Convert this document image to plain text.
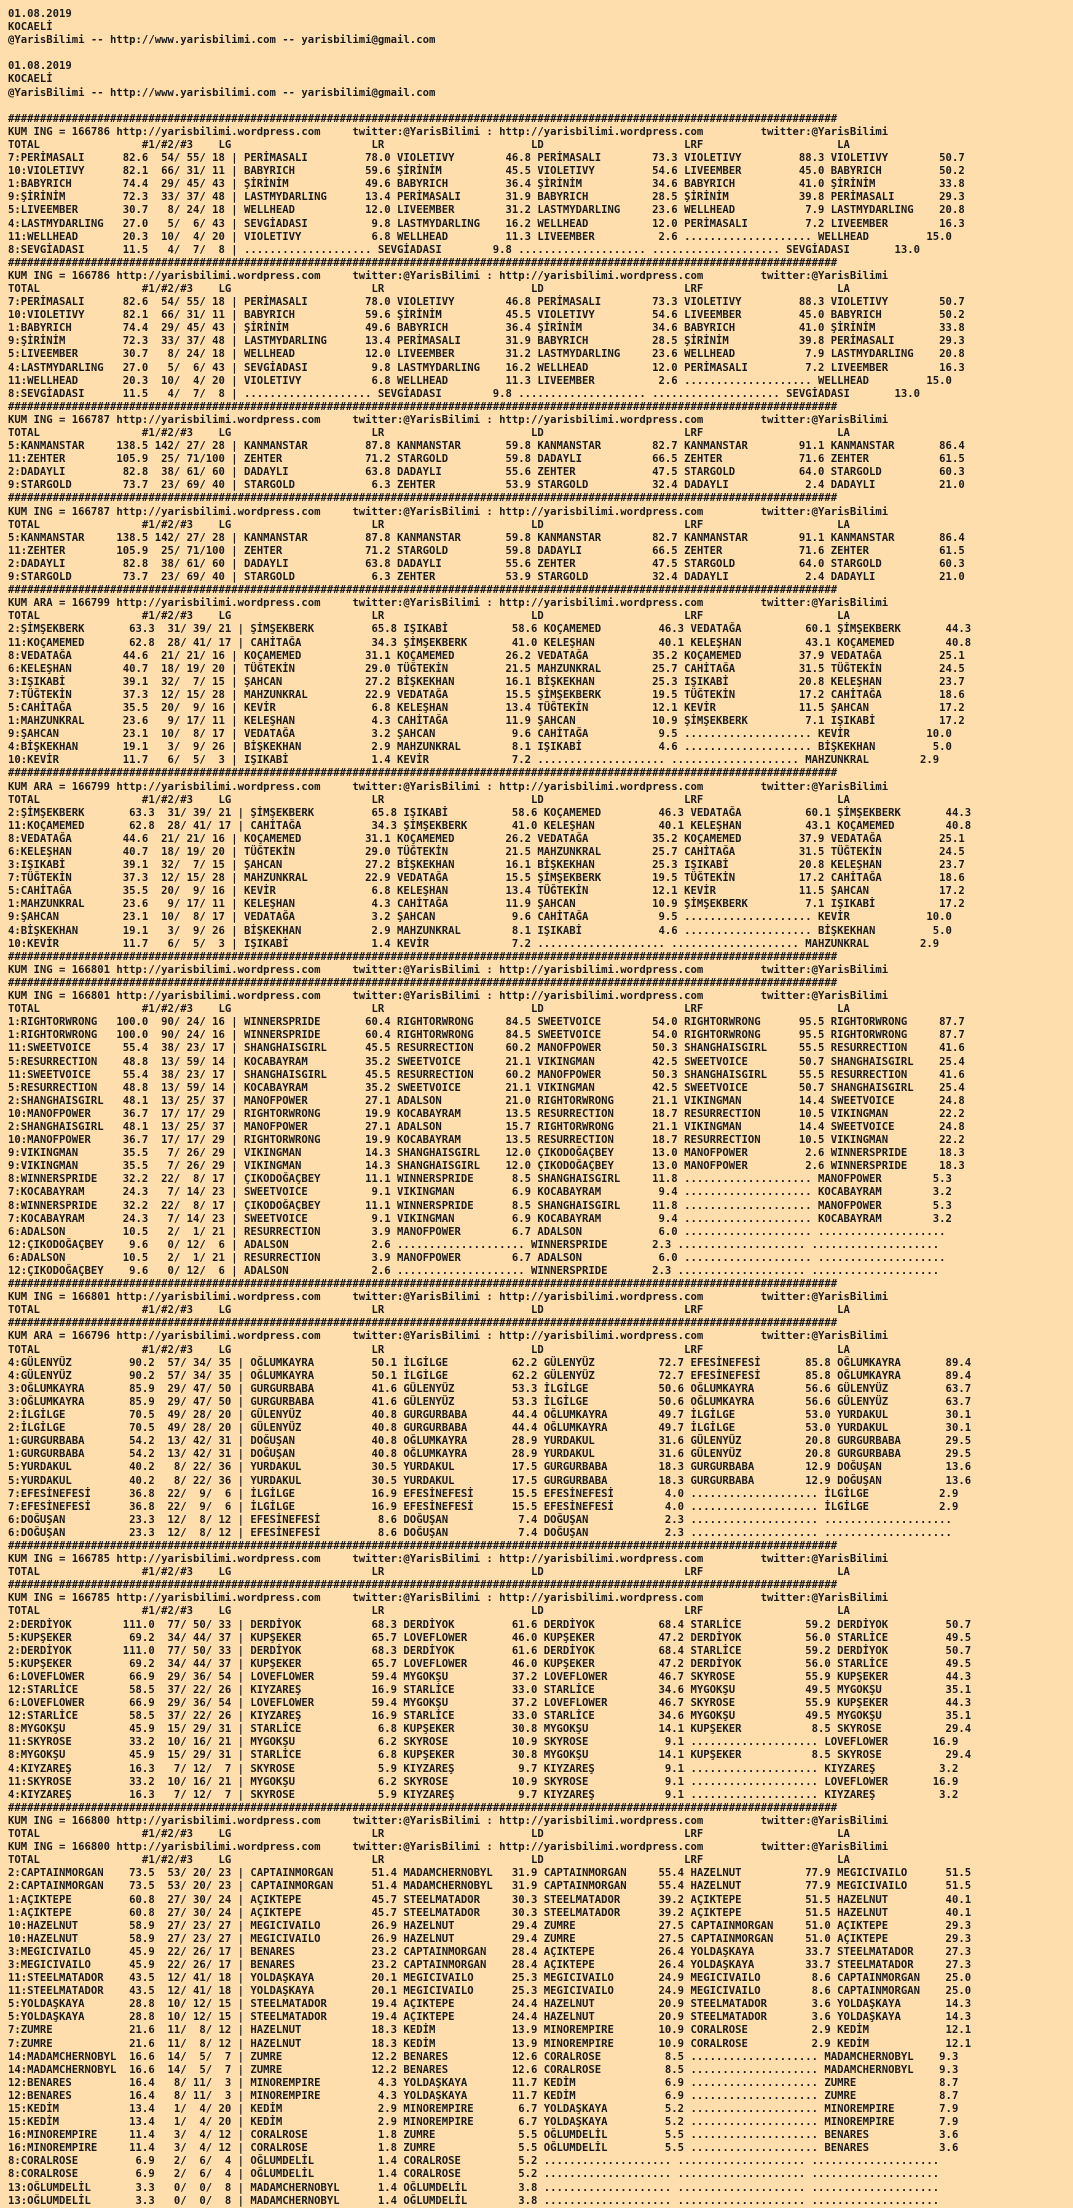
01.08.2019
KOCAELİ
@YarisBilimi -- http://www.yarisbilimi.com -- yarisbilimi@gmail.com
01.08.2019
KOCAELİ
@YarisBilimi -- http://www.yarisbilimi.com -- yarisbilimi@gmail.com
##################################################################################################################################
KUM ING = 166786 http://yarisbilimi.wordpress.com     twitter:@YarisBilimi : http://yarisbilimi.wordpress.com         twitter:@YarisBilimi
TOTAL                #1/#2/#3    LG                      LR                       LD                      LRF                     LA
7:PERİMASALI      82.6  54/ 55/ 18 | PERİMASALI         78.0 VIOLETIVY        46.8 PERİMASALI        73.3 VIOLETIVY         88.3 VIOLETIVY        50.7
10:VIOLETIVY      82.1  66/ 31/ 11 | BABYRICH           59.6 ŞİRİNİM          45.5 VIOLETIVY         54.6 LIVEEMBER         45.0 BABYRICH         50.2
1:BABYRICH        74.4  29/ 45/ 43 | ŞİRİNİM            49.6 BABYRICH         36.4 ŞİRİNİM           34.6 BABYRICH          41.0 ŞİRİNİM          33.8
9:ŞİRİNİM         72.3  33/ 37/ 48 | LASTMYDARLING      13.4 PERİMASALI       31.9 BABYRICH          28.5 ŞİRİNİM           39.8 PERİMASALI       29.3
5:LIVEEMBER       30.7   8/ 24/ 18 | WELLHEAD           12.0 LIVEEMBER        31.2 LASTMYDARLING     23.6 WELLHEAD           7.9 LASTMYDARLING    20.8
4:LASTMYDARLING   27.0   5/  6/ 43 | SEVGİADASI          9.8 LASTMYDARLING    16.2 WELLHEAD          12.0 PERİMASALI         7.2 LIVEEMBER        16.3
11:WELLHEAD       20.3  10/  4/ 20 | VIOLETIVY           6.8 WELLHEAD         11.3 LIVEEMBER          2.6 .................... WELLHEAD         15.0
8:SEVGİADASI      11.5   4/  7/  8 | .................... SEVGİADASI        9.8 .................... .................... SEVGİADASI       13.0
##################################################################################################################################
KUM ING = 166786 http://yarisbilimi.wordpress.com     twitter:@YarisBilimi : http://yarisbilimi.wordpress.com         twitter:@YarisBilimi
TOTAL                #1/#2/#3    LG                      LR                       LD                      LRF                     LA
7:PERİMASALI      82.6  54/ 55/ 18 | PERİMASALI         78.0 VIOLETIVY        46.8 PERİMASALI        73.3 VIOLETIVY         88.3 VIOLETIVY        50.7
10:VIOLETIVY      82.1  66/ 31/ 11 | BABYRICH           59.6 ŞİRİNİM          45.5 VIOLETIVY         54.6 LIVEEMBER         45.0 BABYRICH         50.2
1:BABYRICH        74.4  29/ 45/ 43 | ŞİRİNİM            49.6 BABYRICH         36.4 ŞİRİNİM           34.6 BABYRICH          41.0 ŞİRİNİM          33.8
9:ŞİRİNİM         72.3  33/ 37/ 48 | LASTMYDARLING      13.4 PERİMASALI       31.9 BABYRICH          28.5 ŞİRİNİM           39.8 PERİMASALI       29.3
5:LIVEEMBER       30.7   8/ 24/ 18 | WELLHEAD           12.0 LIVEEMBER        31.2 LASTMYDARLING     23.6 WELLHEAD           7.9 LASTMYDARLING    20.8
4:LASTMYDARLING   27.0   5/  6/ 43 | SEVGİADASI          9.8 LASTMYDARLING    16.2 WELLHEAD          12.0 PERİMASALI         7.2 LIVEEMBER        16.3
11:WELLHEAD       20.3  10/  4/ 20 | VIOLETIVY           6.8 WELLHEAD         11.3 LIVEEMBER          2.6 .................... WELLHEAD         15.0
8:SEVGİADASI      11.5   4/  7/  8 | .................... SEVGİADASI        9.8 .................... .................... SEVGİADASI       13.0
##################################################################################################################################
KUM ING = 166787 http://yarisbilimi.wordpress.com     twitter:@YarisBilimi : http://yarisbilimi.wordpress.com         twitter:@YarisBilimi
TOTAL                #1/#2/#3    LG                      LR                       LD                      LRF                     LA
5:KANMANSTAR     138.5 142/ 27/ 28 | KANMANSTAR         87.8 KANMANSTAR       59.8 KANMANSTAR        82.7 KANMANSTAR        91.1 KANMANSTAR       86.4
11:ZEHTER        105.9  25/ 71/100 | ZEHTER             71.2 STARGOLD         59.8 DADAYLI           66.5 ZEHTER            71.6 ZEHTER           61.5
2:DADAYLI         82.8  38/ 61/ 60 | DADAYLI            63.8 DADAYLI          55.6 ZEHTER            47.5 STARGOLD          64.0 STARGOLD         60.3
9:STARGOLD        73.7  23/ 69/ 40 | STARGOLD            6.3 ZEHTER           53.9 STARGOLD          32.4 DADAYLI            2.4 DADAYLI          21.0
##################################################################################################################################
KUM ING = 166787 http://yarisbilimi.wordpress.com     twitter:@YarisBilimi : http://yarisbilimi.wordpress.com         twitter:@YarisBilimi
TOTAL                #1/#2/#3    LG                      LR                       LD                      LRF                     LA
5:KANMANSTAR     138.5 142/ 27/ 28 | KANMANSTAR         87.8 KANMANSTAR       59.8 KANMANSTAR        82.7 KANMANSTAR        91.1 KANMANSTAR       86.4
11:ZEHTER        105.9  25/ 71/100 | ZEHTER             71.2 STARGOLD         59.8 DADAYLI           66.5 ZEHTER            71.6 ZEHTER           61.5
2:DADAYLI         82.8  38/ 61/ 60 | DADAYLI            63.8 DADAYLI          55.6 ZEHTER            47.5 STARGOLD          64.0 STARGOLD         60.3
9:STARGOLD        73.7  23/ 69/ 40 | STARGOLD            6.3 ZEHTER           53.9 STARGOLD          32.4 DADAYLI            2.4 DADAYLI          21.0
##################################################################################################################################
KUM ARA = 166799 http://yarisbilimi.wordpress.com     twitter:@YarisBilimi : http://yarisbilimi.wordpress.com         twitter:@YarisBilimi
TOTAL                #1/#2/#3    LG                      LR                       LD                      LRF                     LA
2:ŞİMŞEKBERK       63.3  31/ 39/ 21 | ŞİMŞEKBERK         65.8 IŞIKABİ          58.6 KOÇAMEMED         46.3 VEDATAĞA          60.1 ŞİMŞEKBERK       44.3
11:KOÇAMEMED       62.8  28/ 41/ 17 | CAHİTAĞA           34.3 ŞİMŞEKBERK       41.0 KELEŞHAN          40.1 KELEŞHAN          43.1 KOÇAMEMED        40.8
8:VEDATAĞA        44.6  21/ 21/ 16 | KOÇAMEMED          31.1 KOÇAMEMED        26.2 VEDATAĞA          35.2 KOÇAMEMED         37.9 VEDATAĞA         25.1
6:KELEŞHAN        40.7  18/ 19/ 20 | TÜĞTEKİN           29.0 TÜĞTEKİN         21.5 MAHZUNKRAL        25.7 CAHİTAĞA          31.5 TÜĞTEKİN         24.5
3:IŞIKABİ         39.1  32/  7/ 15 | ŞAHCAN             27.2 BİŞKEKHAN        16.1 BİŞKEKHAN         25.3 IŞIKABİ           20.8 KELEŞHAN         23.7
7:TÜĞTEKİN        37.3  12/ 15/ 28 | MAHZUNKRAL         22.9 VEDATAĞA         15.5 ŞİMŞEKBERK        19.5 TÜĞTEKİN          17.2 CAHİTAĞA         18.6
5:CAHİTAĞA        35.5  20/  9/ 16 | KEVİR               6.8 KELEŞHAN         13.4 TÜĞTEKİN          12.1 KEVİR             11.5 ŞAHCAN           17.2
1:MAHZUNKRAL      23.6   9/ 17/ 11 | KELEŞHAN            4.3 CAHİTAĞA         11.9 ŞAHCAN            10.9 ŞİMŞEKBERK         7.1 IŞIKABİ          17.2
9:ŞAHCAN          23.1  10/  8/ 17 | VEDATAĞA            3.2 ŞAHCAN            9.6 CAHİTAĞA           9.5 .................... KEVİR            10.0
4:BİŞKEKHAN       19.1   3/  9/ 26 | BİŞKEKHAN           2.9 MAHZUNKRAL        8.1 IŞIKABİ            4.6 .................... BİŞKEKHAN         5.0
10:KEVİR          11.7   6/  5/  3 | IŞIKABİ             1.4 KEVİR             7.2 .................... .................... MAHZUNKRAL        2.9
##################################################################################################################################
KUM ARA = 166799 http://yarisbilimi.wordpress.com     twitter:@YarisBilimi : http://yarisbilimi.wordpress.com         twitter:@YarisBilimi
TOTAL                #1/#2/#3    LG                      LR                       LD                      LRF                     LA
2:ŞİMŞEKBERK       63.3  31/ 39/ 21 | ŞİMŞEKBERK         65.8 IŞIKABİ          58.6 KOÇAMEMED         46.3 VEDATAĞA          60.1 ŞİMŞEKBERK       44.3
11:KOÇAMEMED       62.8  28/ 41/ 17 | CAHİTAĞA           34.3 ŞİMŞEKBERK       41.0 KELEŞHAN          40.1 KELEŞHAN          43.1 KOÇAMEMED        40.8
8:VEDATAĞA        44.6  21/ 21/ 16 | KOÇAMEMED          31.1 KOÇAMEMED        26.2 VEDATAĞA          35.2 KOÇAMEMED         37.9 VEDATAĞA         25.1
6:KELEŞHAN        40.7  18/ 19/ 20 | TÜĞTEKİN           29.0 TÜĞTEKİN         21.5 MAHZUNKRAL        25.7 CAHİTAĞA          31.5 TÜĞTEKİN         24.5
3:IŞIKABİ         39.1  32/  7/ 15 | ŞAHCAN             27.2 BİŞKEKHAN        16.1 BİŞKEKHAN         25.3 IŞIKABİ           20.8 KELEŞHAN         23.7
7:TÜĞTEKİN        37.3  12/ 15/ 28 | MAHZUNKRAL         22.9 VEDATAĞA         15.5 ŞİMŞEKBERK        19.5 TÜĞTEKİN          17.2 CAHİTAĞA         18.6
5:CAHİTAĞA        35.5  20/  9/ 16 | KEVİR               6.8 KELEŞHAN         13.4 TÜĞTEKİN          12.1 KEVİR             11.5 ŞAHCAN           17.2
1:MAHZUNKRAL      23.6   9/ 17/ 11 | KELEŞHAN            4.3 CAHİTAĞA         11.9 ŞAHCAN            10.9 ŞİMŞEKBERK         7.1 IŞIKABİ          17.2
9:ŞAHCAN          23.1  10/  8/ 17 | VEDATAĞA            3.2 ŞAHCAN            9.6 CAHİTAĞA           9.5 .................... KEVİR            10.0
4:BİŞKEKHAN       19.1   3/  9/ 26 | BİŞKEKHAN           2.9 MAHZUNKRAL        8.1 IŞIKABİ            4.6 .................... BİŞKEKHAN         5.0
10:KEVİR          11.7   6/  5/  3 | IŞIKABİ             1.4 KEVİR             7.2 .................... .................... MAHZUNKRAL        2.9
##################################################################################################################################
KUM ING = 166801 http://yarisbilimi.wordpress.com     twitter:@YarisBilimi : http://yarisbilimi.wordpress.com         twitter:@YarisBilimi
##################################################################################################################################
KUM ING = 166801 http://yarisbilimi.wordpress.com     twitter:@YarisBilimi : http://yarisbilimi.wordpress.com         twitter:@YarisBilimi
TOTAL                #1/#2/#3    LG                      LR                       LD                      LRF                     LA
1:RIGHTORWRONG   100.0  90/ 24/ 16 | WINNERSPRIDE       60.4 RIGHTORWRONG     84.5 SWEETVOICE        54.0 RIGHTORWRONG      95.5 RIGHTORWRONG     87.7
1:RIGHTORWRONG   100.0  90/ 24/ 16 | WINNERSPRIDE       60.4 RIGHTORWRONG     84.5 SWEETVOICE        54.0 RIGHTORWRONG      95.5 RIGHTORWRONG     87.7
11:SWEETVOICE     55.4  38/ 23/ 17 | SHANGHAISGIRL      45.5 RESURRECTION     60.2 MANOFPOWER        50.3 SHANGHAISGIRL     55.5 RESURRECTION     41.6
5:RESURRECTION    48.8  13/ 59/ 14 | KOCABAYRAM         35.2 SWEETVOICE       21.1 VIKINGMAN         42.5 SWEETVOICE        50.7 SHANGHAISGIRL    25.4
11:SWEETVOICE     55.4  38/ 23/ 17 | SHANGHAISGIRL      45.5 RESURRECTION     60.2 MANOFPOWER        50.3 SHANGHAISGIRL     55.5 RESURRECTION     41.6
5:RESURRECTION    48.8  13/ 59/ 14 | KOCABAYRAM         35.2 SWEETVOICE       21.1 VIKINGMAN         42.5 SWEETVOICE        50.7 SHANGHAISGIRL    25.4
2:SHANGHAISGIRL   48.1  13/ 25/ 37 | MANOFPOWER         27.1 ADALSON          21.0 RIGHTORWRONG      21.1 VIKINGMAN         14.4 SWEETVOICE       24.8
10:MANOFPOWER     36.7  17/ 17/ 29 | RIGHTORWRONG       19.9 KOCABAYRAM       13.5 RESURRECTION      18.7 RESURRECTION      10.5 VIKINGMAN        22.2
2:SHANGHAISGIRL   48.1  13/ 25/ 37 | MANOFPOWER         27.1 ADALSON          15.7 RIGHTORWRONG      21.1 VIKINGMAN         14.4 SWEETVOICE       24.8
10:MANOFPOWER     36.7  17/ 17/ 29 | RIGHTORWRONG       19.9 KOCABAYRAM       13.5 RESURRECTION      18.7 RESURRECTION      10.5 VIKINGMAN        22.2
9:VIKINGMAN       35.5   7/ 26/ 29 | VIKINGMAN          14.3 SHANGHAISGIRL    12.0 ÇIKODOĞAÇBEY      13.0 MANOFPOWER         2.6 WINNERSPRIDE     18.3
9:VIKINGMAN       35.5   7/ 26/ 29 | VIKINGMAN          14.3 SHANGHAISGIRL    12.0 ÇIKODOĞAÇBEY      13.0 MANOFPOWER         2.6 WINNERSPRIDE     18.3
8:WINNERSPRIDE    32.2  22/  8/ 17 | ÇIKODOĞAÇBEY       11.1 WINNERSPRIDE      8.5 SHANGHAISGIRL     11.8 .................... MANOFPOWER        5.3
7:KOCABAYRAM      24.3   7/ 14/ 23 | SWEETVOICE          9.1 VIKINGMAN         6.9 KOCABAYRAM         9.4 .................... KOCABAYRAM        3.2
8:WINNERSPRIDE    32.2  22/  8/ 17 | ÇIKODOĞAÇBEY       11.1 WINNERSPRIDE      8.5 SHANGHAISGIRL     11.8 .................... MANOFPOWER        5.3
7:KOCABAYRAM      24.3   7/ 14/ 23 | SWEETVOICE          9.1 VIKINGMAN         6.9 KOCABAYRAM         9.4 .................... KOCABAYRAM        3.2
6:ADALSON         10.5   2/  1/ 21 | RESURRECTION        3.9 MANOFPOWER        6.7 ADALSON            6.0 .................... ....................
12:ÇIKODOĞAÇBEY    9.6   0/ 12/  6 | ADALSON             2.6 .................... WINNERSPRIDE       2.3 .................... ....................
6:ADALSON         10.5   2/  1/ 21 | RESURRECTION        3.9 MANOFPOWER        6.7 ADALSON            6.0 .................... ....................
12:ÇIKODOĞAÇBEY    9.6   0/ 12/  6 | ADALSON             2.6 .................... WINNERSPRIDE       2.3 .................... ....................
##################################################################################################################################
KUM ING = 166801 http://yarisbilimi.wordpress.com     twitter:@YarisBilimi : http://yarisbilimi.wordpress.com         twitter:@YarisBilimi
TOTAL                #1/#2/#3    LG                      LR                       LD                      LRF                     LA
##################################################################################################################################
KUM ARA = 166796 http://yarisbilimi.wordpress.com     twitter:@YarisBilimi : http://yarisbilimi.wordpress.com         twitter:@YarisBilimi
TOTAL                #1/#2/#3    LG                      LR                       LD                      LRF                     LA
4:GÜLENYÜZ         90.2  57/ 34/ 35 | OĞLUMKAYRA         50.1 İLGİLGE          62.2 GÜLENYÜZ          72.7 EFESİNEFESİ       85.8 OĞLUMKAYRA       89.4
4:GÜLENYÜZ         90.2  57/ 34/ 35 | OĞLUMKAYRA         50.1 İLGİLGE          62.2 GÜLENYÜZ          72.7 EFESİNEFESİ       85.8 OĞLUMKAYRA       89.4
3:OĞLUMKAYRA       85.9  29/ 47/ 50 | GURGURBABA         41.6 GÜLENYÜZ         53.3 İLGİLGE           50.6 OĞLUMKAYRA        56.6 GÜLENYÜZ         63.7
3:OĞLUMKAYRA       85.9  29/ 47/ 50 | GURGURBABA         41.6 GÜLENYÜZ         53.3 İLGİLGE           50.6 OĞLUMKAYRA        56.6 GÜLENYÜZ         63.7
2:İLGİLGE          70.5  49/ 28/ 20 | GÜLENYÜZ           40.8 GURGURBABA       44.4 OĞLUMKAYRA        49.7 İLGİLGE           53.0 YURDAKUL         30.1
2:İLGİLGE          70.5  49/ 28/ 20 | GÜLENYÜZ           40.8 GURGURBABA       44.4 OĞLUMKAYRA        49.7 İLGİLGE           53.0 YURDAKUL         30.1
1:GURGURBABA       54.2  13/ 42/ 31 | DOĞUŞAN            40.8 OĞLUMKAYRA       28.9 YURDAKUL          31.6 GÜLENYÜZ          20.8 GURGURBABA       29.5
1:GURGURBABA       54.2  13/ 42/ 31 | DOĞUŞAN            40.8 OĞLUMKAYRA       28.9 YURDAKUL          31.6 GÜLENYÜZ          20.8 GURGURBABA       29.5
5:YURDAKUL         40.2   8/ 22/ 36 | YURDAKUL           30.5 YURDAKUL         17.5 GURGURBABA        18.3 GURGURBABA        12.9 DOĞUŞAN          13.6
5:YURDAKUL         40.2   8/ 22/ 36 | YURDAKUL           30.5 YURDAKUL         17.5 GURGURBABA        18.3 GURGURBABA        12.9 DOĞUŞAN          13.6
7:EFESİNEFESİ      36.8  22/  9/  6 | İLGİLGE            16.9 EFESİNEFESİ      15.5 EFESİNEFESİ        4.0 .................... İLGİLGE           2.9
7:EFESİNEFESİ      36.8  22/  9/  6 | İLGİLGE            16.9 EFESİNEFESİ      15.5 EFESİNEFESİ        4.0 .................... İLGİLGE           2.9
6:DOĞUŞAN          23.3  12/  8/ 12 | EFESİNEFESİ         8.6 DOĞUŞAN           7.4 DOĞUŞAN            2.3 .................... ....................
6:DOĞUŞAN          23.3  12/  8/ 12 | EFESİNEFESİ         8.6 DOĞUŞAN           7.4 DOĞUŞAN            2.3 .................... ....................
##################################################################################################################################
KUM ING = 166785 http://yarisbilimi.wordpress.com     twitter:@YarisBilimi : http://yarisbilimi.wordpress.com         twitter:@YarisBilimi
TOTAL                #1/#2/#3    LG                      LR                       LD                      LRF                     LA
##################################################################################################################################
KUM ING = 166785 http://yarisbilimi.wordpress.com     twitter:@YarisBilimi : http://yarisbilimi.wordpress.com         twitter:@YarisBilimi
TOTAL                #1/#2/#3    LG                      LR                       LD                      LRF                     LA
2:DERDİYOK        111.0  77/ 50/ 33 | DERDİYOK           68.3 DERDİYOK         61.6 DERDİYOK          68.4 STARLİCE          59.2 DERDİYOK         50.7
5:KUPŞEKER         69.2  34/ 44/ 37 | KUPŞEKER           65.7 LOVEFLOWER       46.0 KUPŞEKER          47.2 DERDİYOK          56.0 STARLİCE         49.5
2:DERDİYOK        111.0  77/ 50/ 33 | DERDİYOK           68.3 DERDİYOK         61.6 DERDİYOK          68.4 STARLİCE          59.2 DERDİYOK         50.7
5:KUPŞEKER         69.2  34/ 44/ 37 | KUPŞEKER           65.7 LOVEFLOWER       46.0 KUPŞEKER          47.2 DERDİYOK          56.0 STARLİCE         49.5
6:LOVEFLOWER       66.9  29/ 36/ 54 | LOVEFLOWER         59.4 MYGOKŞU          37.2 LOVEFLOWER        46.7 SKYROSE           55.9 KUPŞEKER         44.3
12:STARLİCE        58.5  37/ 22/ 26 | KIYZAREŞ           16.9 STARLİCE         33.0 STARLİCE          34.6 MYGOKŞU           49.5 MYGOKŞU          35.1
6:LOVEFLOWER       66.9  29/ 36/ 54 | LOVEFLOWER         59.4 MYGOKŞU          37.2 LOVEFLOWER        46.7 SKYROSE           55.9 KUPŞEKER         44.3
12:STARLİCE        58.5  37/ 22/ 26 | KIYZAREŞ           16.9 STARLİCE         33.0 STARLİCE          34.6 MYGOKŞU           49.5 MYGOKŞU          35.1
8:MYGOKŞU          45.9  15/ 29/ 31 | STARLİCE            6.8 KUPŞEKER         30.8 MYGOKŞU           14.1 KUPŞEKER           8.5 SKYROSE          29.4
11:SKYROSE         33.2  10/ 16/ 21 | MYGOKŞU             6.2 SKYROSE          10.9 SKYROSE            9.1 .................... LOVEFLOWER       16.9
8:MYGOKŞU          45.9  15/ 29/ 31 | STARLİCE            6.8 KUPŞEKER         30.8 MYGOKŞU           14.1 KUPŞEKER           8.5 SKYROSE          29.4
4:KIYZAREŞ         16.3   7/ 12/  7 | SKYROSE             5.9 KIYZAREŞ          9.7 KIYZAREŞ           9.1 .................... KIYZAREŞ          3.2
11:SKYROSE         33.2  10/ 16/ 21 | MYGOKŞU             6.2 SKYROSE          10.9 SKYROSE            9.1 .................... LOVEFLOWER       16.9
4:KIYZAREŞ         16.3   7/ 12/  7 | SKYROSE             5.9 KIYZAREŞ          9.7 KIYZAREŞ           9.1 .................... KIYZAREŞ          3.2
##################################################################################################################################
KUM ING = 166800 http://yarisbilimi.wordpress.com     twitter:@YarisBilimi : http://yarisbilimi.wordpress.com         twitter:@YarisBilimi
TOTAL                #1/#2/#3    LG                      LR                       LD                      LRF                     LA
KUM ING = 166800 http://yarisbilimi.wordpress.com     twitter:@YarisBilimi : http://yarisbilimi.wordpress.com         twitter:@YarisBilimi
TOTAL                #1/#2/#3    LG                      LR                       LD                      LRF                     LA
2:CAPTAINMORGAN    73.5  53/ 20/ 23 | CAPTAINMORGAN      51.4 MADAMCHERNOBYL   31.9 CAPTAINMORGAN     55.4 HAZELNUT          77.9 MEGICIVAILO      51.5
2:CAPTAINMORGAN    73.5  53/ 20/ 23 | CAPTAINMORGAN      51.4 MADAMCHERNOBYL   31.9 CAPTAINMORGAN     55.4 HAZELNUT          77.9 MEGICIVAILO      51.5
1:AÇIKTEPE         60.8  27/ 30/ 24 | AÇIKTEPE           45.7 STEELMATADOR     30.3 STEELMATADOR      39.2 AÇIKTEPE          51.5 HAZELNUT         40.1
1:AÇIKTEPE         60.8  27/ 30/ 24 | AÇIKTEPE           45.7 STEELMATADOR     30.3 STEELMATADOR      39.2 AÇIKTEPE          51.5 HAZELNUT         40.1
10:HAZELNUT        58.9  27/ 23/ 27 | MEGICIVAILO        26.9 HAZELNUT         29.4 ZUMRE             27.5 CAPTAINMORGAN     51.0 AÇIKTEPE         29.3
10:HAZELNUT        58.9  27/ 23/ 27 | MEGICIVAILO        26.9 HAZELNUT         29.4 ZUMRE             27.5 CAPTAINMORGAN     51.0 AÇIKTEPE         29.3
3:MEGICIVAILO      45.9  22/ 26/ 17 | BENARES            23.2 CAPTAINMORGAN    28.4 AÇIKTEPE          26.4 YOLDAŞKAYA        33.7 STEELMATADOR     27.3
3:MEGICIVAILO      45.9  22/ 26/ 17 | BENARES            23.2 CAPTAINMORGAN    28.4 AÇIKTEPE          26.4 YOLDAŞKAYA        33.7 STEELMATADOR     27.3
11:STEELMATADOR    43.5  12/ 41/ 18 | YOLDAŞKAYA         20.1 MEGICIVAILO      25.3 MEGICIVAILO       24.9 MEGICIVAILO        8.6 CAPTAINMORGAN    25.0
11:STEELMATADOR    43.5  12/ 41/ 18 | YOLDAŞKAYA         20.1 MEGICIVAILO      25.3 MEGICIVAILO       24.9 MEGICIVAILO        8.6 CAPTAINMORGAN    25.0
5:YOLDAŞKAYA       28.8  10/ 12/ 15 | STEELMATADOR       19.4 AÇIKTEPE         24.4 HAZELNUT          20.9 STEELMATADOR       3.6 YOLDAŞKAYA       14.3
5:YOLDAŞKAYA       28.8  10/ 12/ 15 | STEELMATADOR       19.4 AÇIKTEPE         24.4 HAZELNUT          20.9 STEELMATADOR       3.6 YOLDAŞKAYA       14.3
7:ZUMRE            21.6  11/  8/ 12 | HAZELNUT           18.3 KEDİM            13.9 MINOREMPIRE       10.9 CORALROSE          2.9 KEDİM            12.1
7:ZUMRE            21.6  11/  8/ 12 | HAZELNUT           18.3 KEDİM            13.9 MINOREMPIRE       10.9 CORALROSE          2.9 KEDİM            12.1
14:MADAMCHERNOBYL  16.6  14/  5/  7 | ZUMRE              12.2 BENARES          12.6 CORALROSE          8.5 .................... MADAMCHERNOBYL    9.3
14:MADAMCHERNOBYL  16.6  14/  5/  7 | ZUMRE              12.2 BENARES          12.6 CORALROSE          8.5 .................... MADAMCHERNOBYL    9.3
12:BENARES         16.4   8/ 11/  3 | MINOREMPIRE         4.3 YOLDAŞKAYA       11.7 KEDİM              6.9 .................... ZUMRE             8.7
12:BENARES         16.4   8/ 11/  3 | MINOREMPIRE         4.3 YOLDAŞKAYA       11.7 KEDİM              6.9 .................... ZUMRE             8.7
15:KEDİM           13.4   1/  4/ 20 | KEDİM               2.9 MINOREMPIRE       6.7 YOLDAŞKAYA         5.2 .................... MINOREMPIRE       7.9
15:KEDİM           13.4   1/  4/ 20 | KEDİM               2.9 MINOREMPIRE       6.7 YOLDAŞKAYA         5.2 .................... MINOREMPIRE       7.9
16:MINOREMPIRE     11.4   3/  4/ 12 | CORALROSE           1.8 ZUMRE             5.5 OĞLUMDELİL         5.5 .................... BENARES           3.6
16:MINOREMPIRE     11.4   3/  4/ 12 | CORALROSE           1.8 ZUMRE             5.5 OĞLUMDELİL         5.5 .................... BENARES           3.6
8:CORALROSE         6.9   2/  6/  4 | OĞLUMDELİL          1.4 CORALROSE         5.2 .................... .................... ....................
8:CORALROSE         6.9   2/  6/  4 | OĞLUMDELİL          1.4 CORALROSE         5.2 .................... .................... ....................
13:OĞLUMDELİL       3.3   0/  0/  8 | MADAMCHERNOBYL      1.4 OĞLUMDELİL        3.8 .................... .................... ....................
13:OĞLUMDELİL       3.3   0/  0/  8 | MADAMCHERNOBYL      1.4 OĞLUMDELİL        3.8 .................... .................... ....................
